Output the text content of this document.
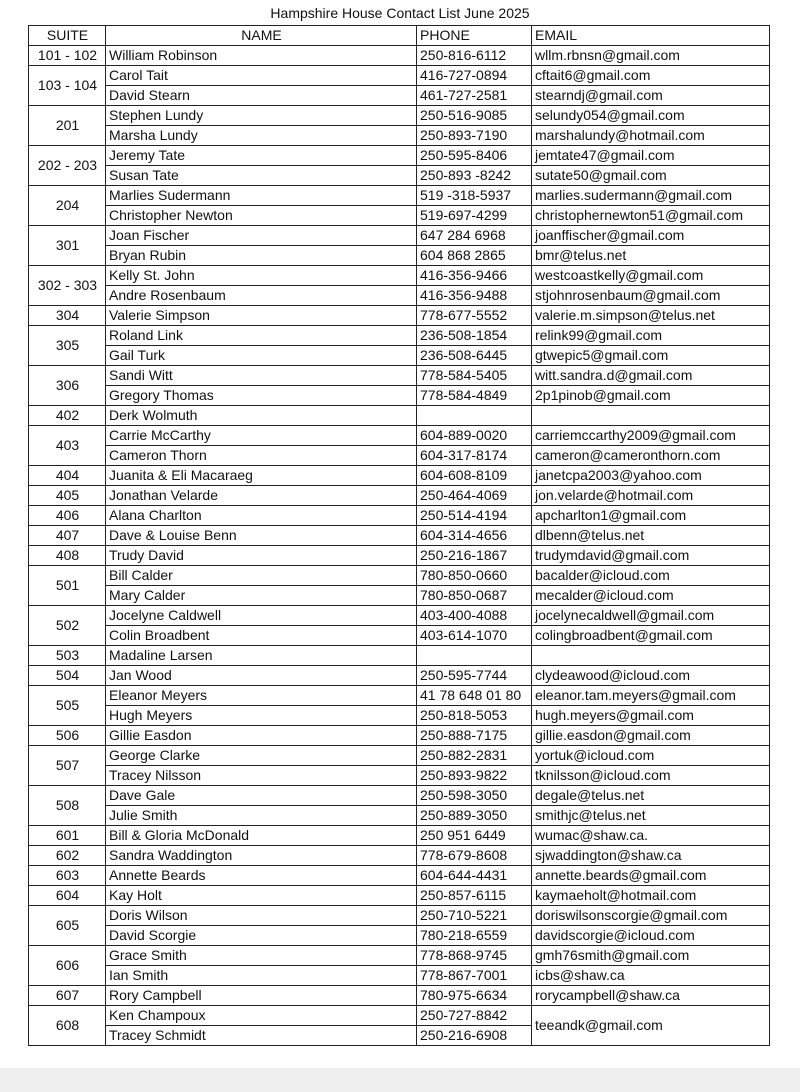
Hampshire House Contact List June 2025
SUITE	NAME	PHONE	EMAIL
101 - 102	William Robinson	250-816-6112	wllm.rbnsn@gmail.com
103 - 104	Carol Tait	416-727-0894	cftait6@gmail.com
	David Stearn	461-727-2581	stearndj@gmail.com
201	Stephen Lundy	250-516-9085	selundy054@gmail.com
	Marsha Lundy	250-893-7190	marshalundy@hotmail.com
202 - 203	Jeremy Tate	250-595-8406	jemtate47@gmail.com
	Susan Tate	250-893 -8242	sutate50@gmail.com
204	Marlies Sudermann	519 -318-5937	marlies.sudermann@gmail.com
	Christopher Newton	519-697-4299	christophernewton51@gmail.com
301	Joan Fischer	647 284 6968	joanffischer@gmail.com
	Bryan Rubin	604 868 2865	bmr@telus.net
302 - 303	Kelly St. John	416-356-9466	westcoastkelly@gmail.com
	Andre Rosenbaum	416-356-9488	stjohnrosenbaum@gmail.com
304	Valerie Simpson	778-677-5552	valerie.m.simpson@telus.net
305	Roland Link	236-508-1854	relink99@gmail.com
	Gail Turk	236-508-6445	gtwepic5@gmail.com
306	Sandi Witt	778-584-5405	witt.sandra.d@gmail.com
	Gregory Thomas	778-584-4849	2p1pinob@gmail.com
402	Derk Wolmuth		
403	Carrie McCarthy	604-889-0020	carriemccarthy2009@gmail.com
	Cameron Thorn	604-317-8174	cameron@cameronthorn.com
404	Juanita & Eli Macaraeg	604-608-8109	janetcpa2003@yahoo.com
405	Jonathan Velarde	250-464-4069	jon.velarde@hotmail.com
406	Alana Charlton	250-514-4194	apcharlton1@gmail.com
407	Dave & Louise Benn	604-314-4656	dlbenn@telus.net
408	Trudy David	250-216-1867	trudymdavid@gmail.com
501	Bill Calder	780-850-0660	bacalder@icloud.com
	Mary Calder	780-850-0687	mecalder@icloud.com
502	Jocelyne Caldwell	403-400-4088	jocelynecaldwell@gmail.com
	Colin Broadbent	403-614-1070	colingbroadbent@gmail.com
503	Madaline Larsen		
504	Jan Wood	250-595-7744	clydeawood@icloud.com
505	Eleanor Meyers	41 78 648 01 80	eleanor.tam.meyers@gmail.com
	Hugh Meyers	250-818-5053	hugh.meyers@gmail.com
506	Gillie Easdon	250-888-7175	gillie.easdon@gmail.com
507	George Clarke	250-882-2831	yortuk@icloud.com
	Tracey Nilsson	250-893-9822	tknilsson@icloud.com
508	Dave Gale	250-598-3050	degale@telus.net
	Julie Smith	250-889-3050	smithjc@telus.net
601	Bill & Gloria McDonald	250 951 6449	wumac@shaw.ca.
602	Sandra Waddington	778-679-8608	sjwaddington@shaw.ca
603	Annette Beards	604-644-4431	annette.beards@gmail.com
604	Kay Holt	250-857-6115	kaymaeholt@hotmail.com
605	Doris Wilson	250-710-5221	doriswilsonscorgie@gmail.com
	David Scorgie	780-218-6559	davidscorgie@icloud.com
606	Grace Smith	778-868-9745	gmh76smith@gmail.com
	Ian Smith	778-867-7001	icbs@shaw.ca
607	Rory Campbell	780-975-6634	rorycampbell@shaw.ca
608	Ken Champoux	250-727-8842	teeandk@gmail.com
	Tracey Schmidt	250-216-6908	
